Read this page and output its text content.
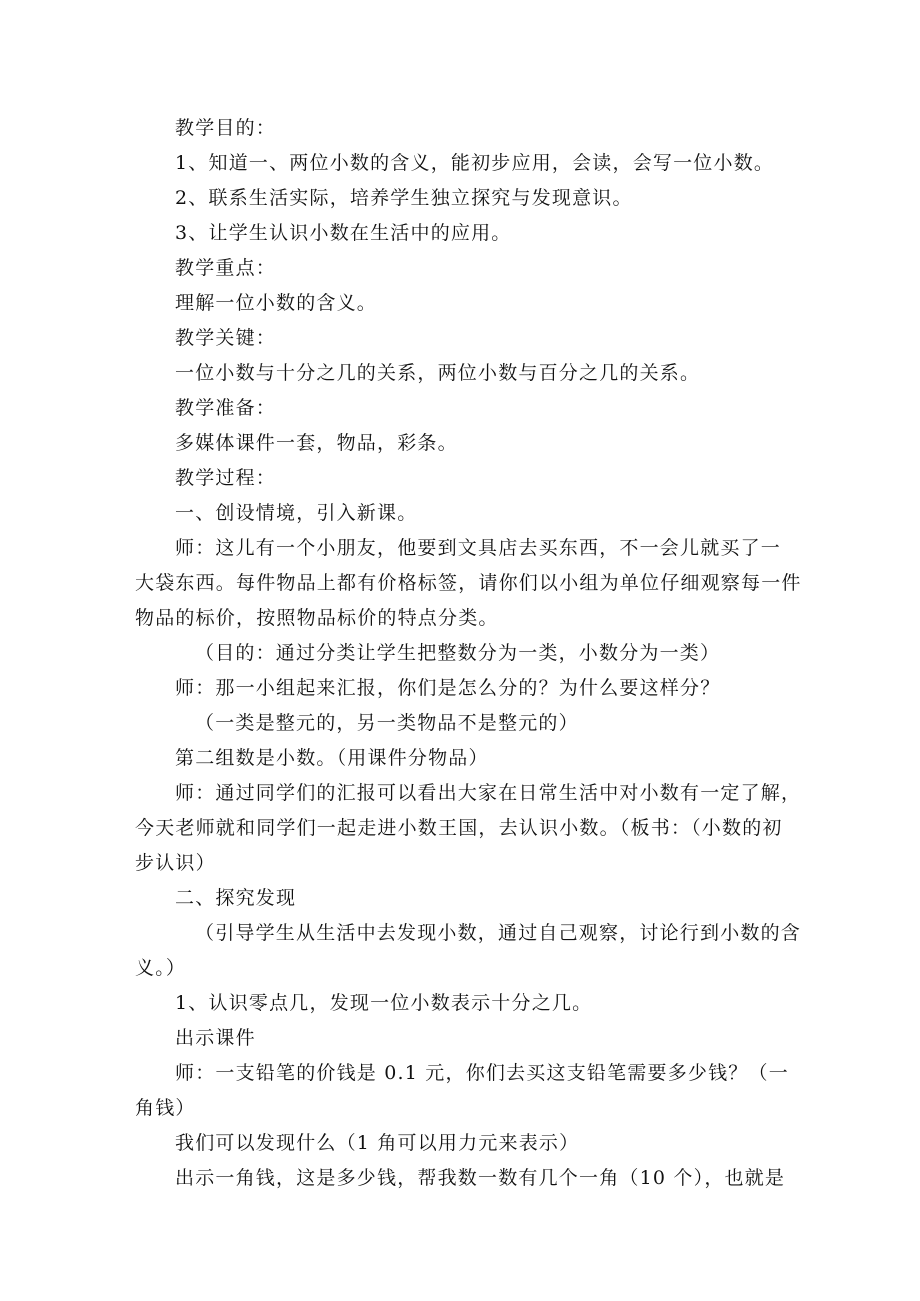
教学目的：
1、知道一、两位小数的含义，能初步应用，会读，会写一位小数。
2、联系生活实际，培养学生独立探究与发现意识。
3、让学生认识小数在生活中的应用。
教学重点：
理解一位小数的含义。
教学关键：
一位小数与十分之几的关系，两位小数与百分之几的关系。
教学准备：
多媒体课件一套，物品，彩条。
教学过程：
一、创设情境，引入新课。
师：这儿有一个小朋友，他要到文具店去买东西，不一会儿就买了一
大袋东西。每件物品上都有价格标签，请你们以小组为单位仔细观察每一件
物品的标价，按照物品标价的特点分类。
（目的：通过分类让学生把整数分为一类，小数分为一类）
师：那一小组起来汇报，你们是怎么分的？为什么要这样分？
（一类是整元的，另一类物品不是整元的）
第二组数是小数。（用课件分物品）
师：通过同学们的汇报可以看出大家在日常生活中对小数有一定了解，
今天老师就和同学们一起走进小数王国，去认识小数。（板书：（小数的初
步认识）
二、探究发现
（引导学生从生活中去发现小数，通过自己观察，讨论行到小数的含
义。）
1、认识零点几，发现一位小数表示十分之几。
出示课件
师：一支铅笔的价钱是 0.1 元，你们去买这支铅笔需要多少钱？（一
角钱）
我们可以发现什么（1 角可以用力元来表示）
出示一角钱，这是多少钱，帮我数一数有几个一角（10 个），也就是
